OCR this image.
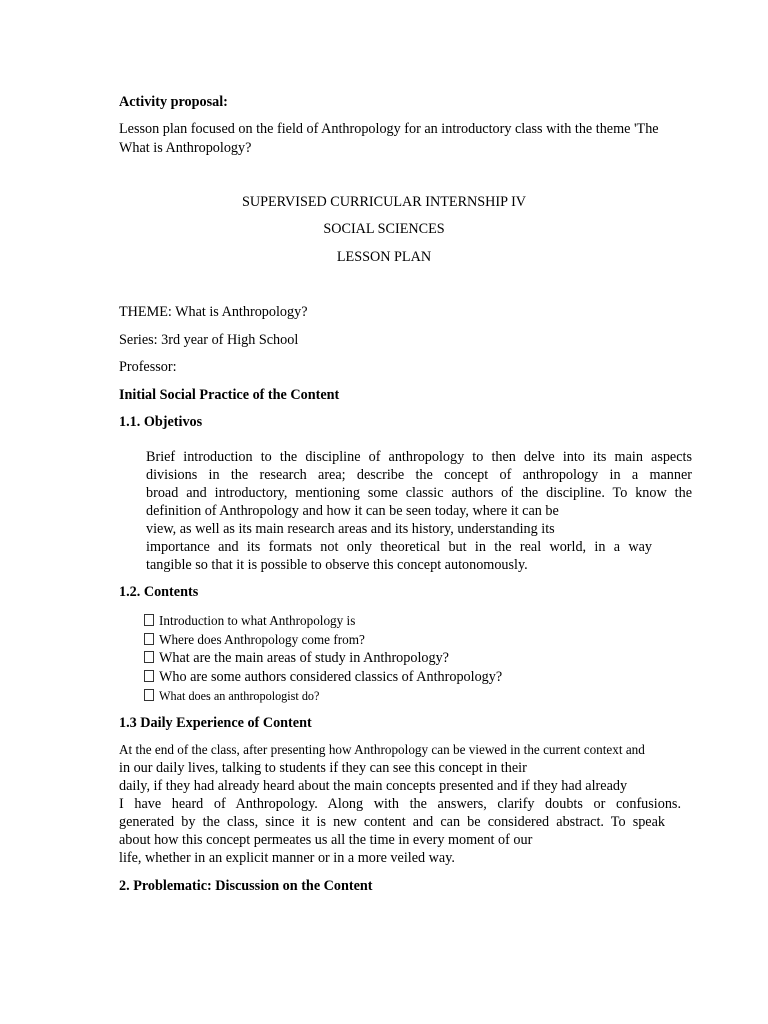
Activity proposal:
Lesson plan focused on the field of Anthropology for an introductory class with the theme 'The
What is Anthropology?
SUPERVISED CURRICULAR INTERNSHIP IV
SOCIAL SCIENCES
LESSON PLAN
THEME: What is Anthropology?
Series: 3rd year of High School
Professor:
Initial Social Practice of the Content
1.1. Objetivos
Brief introduction to the discipline of anthropology to then delve into its main aspects
divisions in the research area; describe the concept of anthropology in a manner
broad and introductory, mentioning some classic authors of the discipline. To know the
definition of Anthropology and how it can be seen today, where it can be
view, as well as its main research areas and its history, understanding its
importance and its formats not only theoretical but in the real world, in a way
tangible so that it is possible to observe this concept autonomously.
1.2. Contents
Introduction to what Anthropology is
Where does Anthropology come from?
What are the main areas of study in Anthropology?
Who are some authors considered classics of Anthropology?
What does an anthropologist do?
1.3 Daily Experience of Content
At the end of the class, after presenting how Anthropology can be viewed in the current context and
in our daily lives, talking to students if they can see this concept in their
daily, if they had already heard about the main concepts presented and if they had already
I have heard of Anthropology. Along with the answers, clarify doubts or confusions.
generated by the class, since it is new content and can be considered abstract. To speak
about how this concept permeates us all the time in every moment of our
life, whether in an explicit manner or in a more veiled way.
2. Problematic: Discussion on the Content
